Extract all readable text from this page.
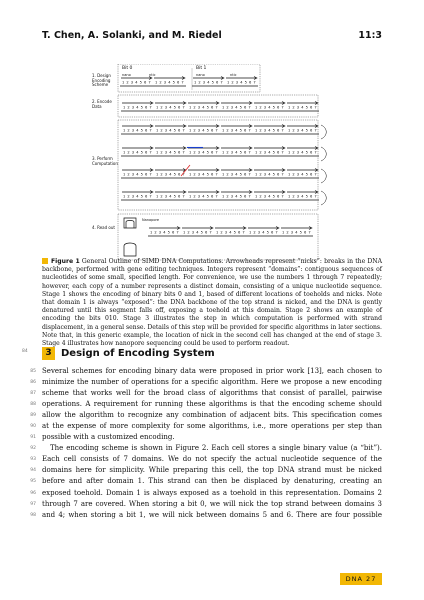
T. Chen, A. Solanki, and M. Riedel	11:3
1 2 3 4 5 6 7 1 2 3 4 5 6 7	1 2 3 4 5 6 7 1 2 3 4 5 6 7
1 2 3 4 5 6 7 1 2 3 4 5 6 7 1 2 3 4 5 6 7 1 2 3 4 5 6 7 1 2 3 4 5 6 7 1 2 3 4 5 6 7
1 2 3 4 5 6 7 1 2 3 4 5 6 7 1 2 3 4 5 6 7 1 2 3 4 5 6 7 1 2 3 4 5 6 7 1 2 3 4 5 6 7
1 2 3 4 5 6 7 1 2 3 4 5 6 7 1 2 3 4 5 6 7 1 2 3 4 5 6 7 1 2 3 4 5 6 7 1 2 3 4 5 6 7
1 2 3 4 5 6 7 1 2 3 4 5 6 7 1 2 3 4 5 6 7 1 2 3 4 5 6 7 1 2 3 4 5 6 7 1 2 3 4 5 6 7
1 2 3 4 5 6 7 1 2 3 4 5 6 7 1 2 3 4 5 6 7 1 2 3 4 5 6 7 1 2 3 4 5 6 7 1 2 3 4 5 6 7
1 2 3 4 5 6 7 1 2 3 4 5 6 7 1 2 3 4 5 6 7 1 2 3 4 5 6 7 1 2 3 4 5 6 7
1. Design
Encoding
Scheme
2. Encode
Data
3. Perform
Computation
4. Read out
Bit 0	Bit 1
nano	ntic	nano	ntic
Nanopore
Figure 1 General Outline of SIMD DNA Computations. Arrowheads represent “nicks”: breaks in the DNA backbone, performed with gene editing techniques. Integers represent “domains”: contiguous sequences of nucleotides of some small, specified length. For convenience, we use the numbers 1 through 7 repeatedly; however, each copy of a number represents a distinct domain, consisting of a unique nucleotide sequence. Stage 1 shows the encoding of binary bits 0 and 1, based of different locations of toeholds and nicks. Note that domain 1 is always “exposed”: the DNA backbone of the top strand is nicked, and the DNA is gently denatured until this segment falls off, exposing a toehold at this domain. Stage 2 shows an example of encoding the bits 010. Stage 3 illustrates the step in which computation is performed with strand displacement, in a general sense. Details of this step will be provided for specific algorithms in later sections. Note that, in this generic example, the location of nick in the second cell has changed at the end of stage 3. Stage 4 illustrates how nanopore sequencing could be used to perform readout.
84	3 Design of Encoding System
85 Several schemes for encoding binary data were proposed in prior work [13], each chosen to
86 minimize the number of operations for a specific algorithm. Here we propose a new encoding
87 scheme that works well for the broad class of algorithms that consist of parallel, pairwise
88 operations. A requirement for running these algorithms is that the encoding scheme should
89 allow the algorithm to recognize any combination of adjacent bits. This specification comes
90 at the expense of more complexity for some algorithms, i.e., more operations per step than
91 possible with a customized encoding.
92 The encoding scheme is shown in Figure 2. Each cell stores a single binary value (a “bit”).
93 Each cell consists of 7 domains. We do not specify the actual nucleotide sequence of the
94 domains here for simplicity. While preparing this cell, the top DNA strand must be nicked
95 before and after domain 1. This strand can then be displaced by denaturing, creating an
96 exposed toehold. Domain 1 is always exposed as a toehold in this representation. Domains 2
97 through 7 are covered. When storing a bit 0, we will nick the top strand between domains 3
98 and 4; when storing a bit 1, we will nick between domains 5 and 6. There are four possible
DNA 27
